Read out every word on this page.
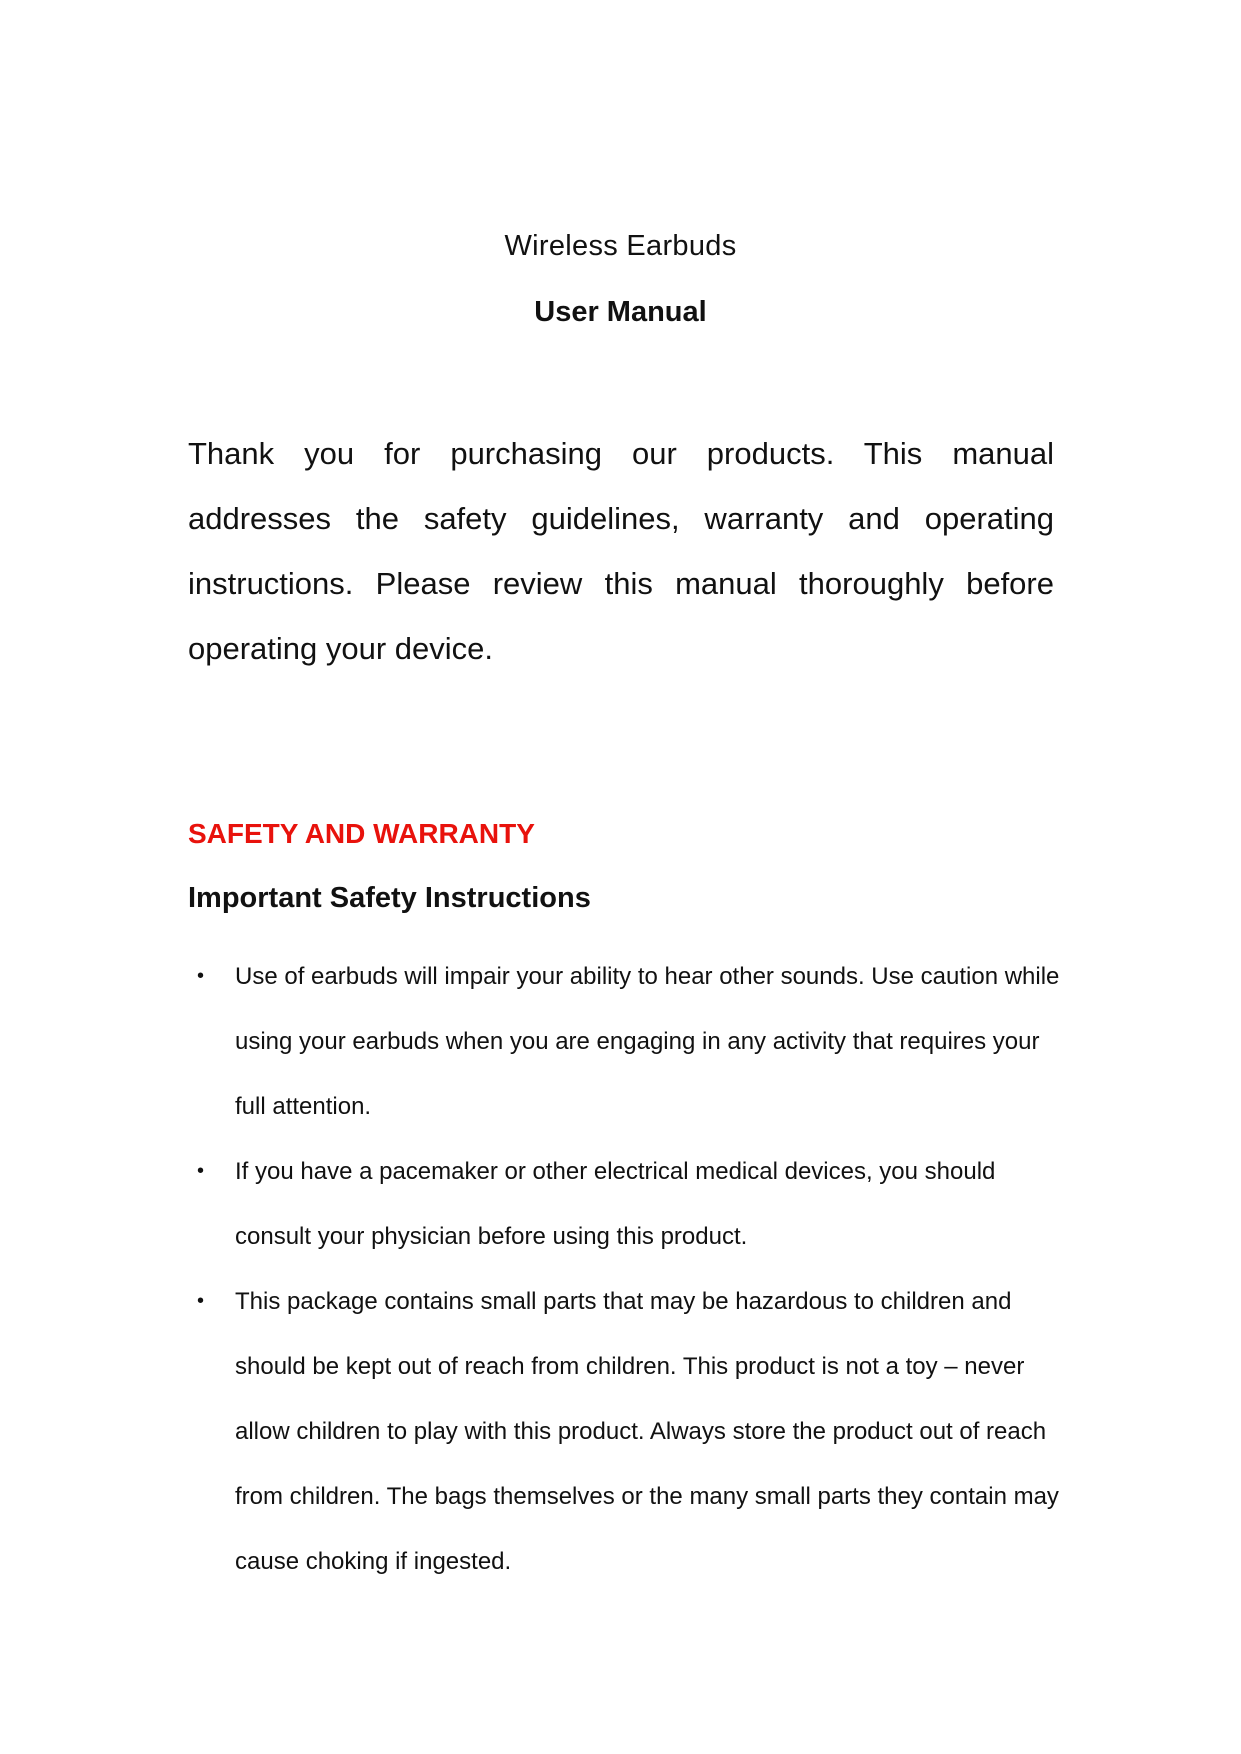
Wireless Earbuds
User Manual

Thank you for purchasing our products. This manual addresses the safety guidelines, warranty and operating instructions. Please review this manual thoroughly before operating your device.

SAFETY AND WARRANTY
Important Safety Instructions
• Use of earbuds will impair your ability to hear other sounds. Use caution while using your earbuds when you are engaging in any activity that requires your full attention.
• If you have a pacemaker or other electrical medical devices, you should consult your physician before using this product.
• This package contains small parts that may be hazardous to children and should be kept out of reach from children. This product is not a toy – never allow children to play with this product. Always store the product out of reach from children. The bags themselves or the many small parts they contain may cause choking if ingested.
